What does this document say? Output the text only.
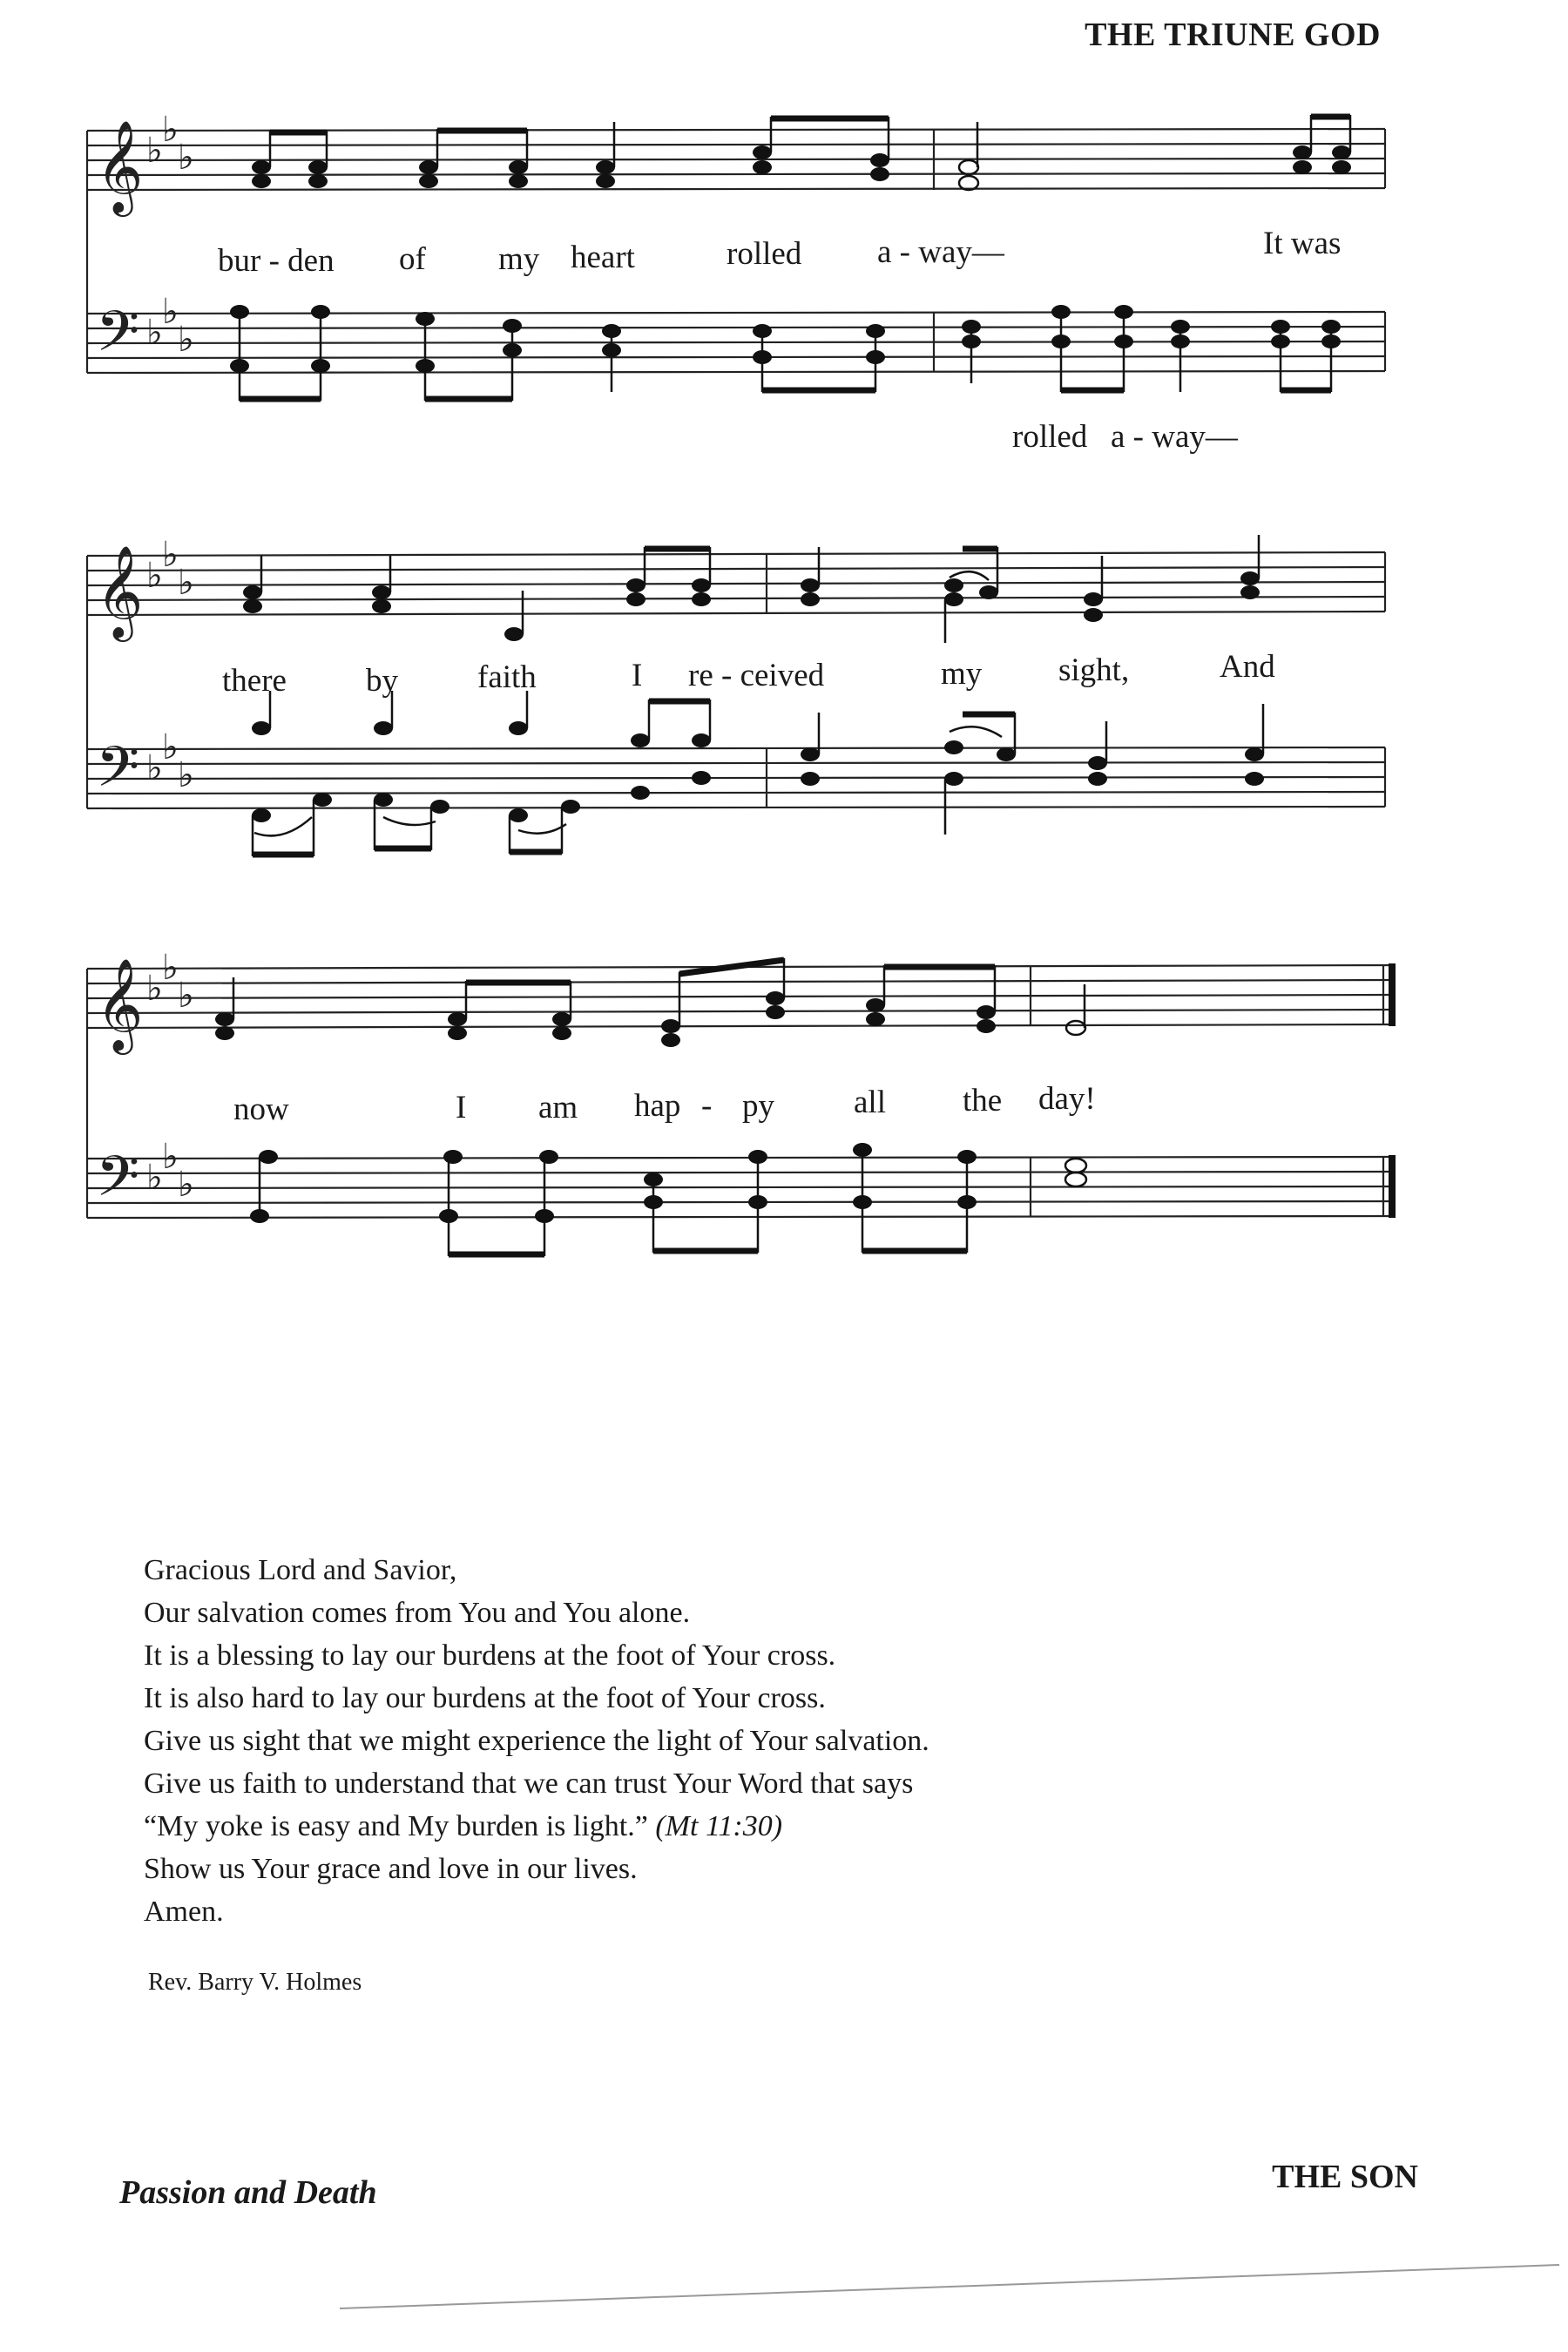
THE TRIUNE GOD
𝄞
𝄢
♭
♭
♭
♭
♭
♭
bur - den of my heart	rolled a - way—	It was
rolled a - way—
𝄞
𝄢
♭
♭
♭
♭
♭
♭
there by faith	I re - ceived	my sight,	And
𝄞
𝄢
♭
♭
♭
♭
♭
♭
now	I am hap - py all the day!
Gracious Lord and Savior,
Our salvation comes from You and You alone.
It is a blessing to lay our burdens at the foot of Your cross.
It is also hard to lay our burdens at the foot of Your cross.
Give us sight that we might experience the light of Your salvation.
Give us faith to understand that we can trust Your Word that says
“My yoke is easy and My burden is light.” (Mt 11:30)
Show us Your grace and love in our lives.
Amen.
Rev. Barry V. Holmes
Passion and Death	THE SON
